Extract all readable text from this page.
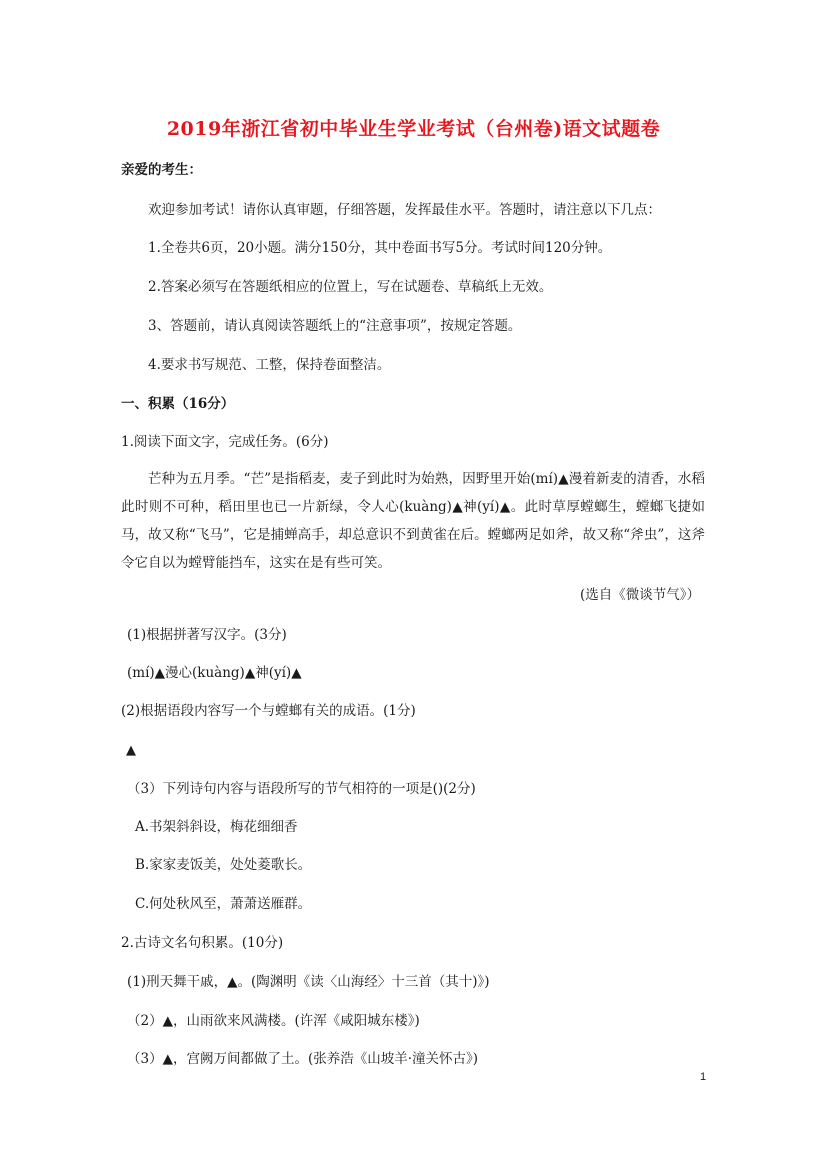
2019年浙江省初中毕业生学业考试（台州卷)语文试题卷
亲爱的考生：
欢迎参加考试！请你认真审题，仔细答题，发挥最佳水平。答题时，请注意以下几点：
1.全卷共6页，20小题。满分150分，其中卷面书写5分。考试时间120分钟。
2.答案必须写在答题纸相应的位置上，写在试题卷、草稿纸上无效。
3、答题前，请认真阅读答题纸上的“注意事项”，按规定答题。
4.要求书写规范、工整，保持卷面整洁。
一、积累（16分）
1.阅读下面文字，完成任务。(6分)
芒种为五月季。“芒”是指稻麦，麦子到此时为始熟，因野里开始(mí)▲漫着新麦的清香，水稻此时则不可种，稻田里也已一片新绿，令人心(kuàng)▲神(yí)▲。此时草厚螳螂生，螳螂飞捷如马，故又称“飞马”，它是捕蝉高手，却总意识不到黄雀在后。螳螂两足如斧，故又称“斧虫”，这斧令它自以为螳臂能挡车，这实在是有些可笑。
(选自《微谈节气》）
(1)根据拼著写汉字。(3分)
(mí)▲漫心(kuàng)▲神(yí)▲
(2)根据语段内容写一个与螳螂有关的成语。(1分)
▲
（3）下列诗句内容与语段所写的节气相符的一项是()(2分)
A.书架斜斜设，梅花细细香
B.家家麦饭美，处处菱歌长。
C.何处秋风至，萧萧送雁群。
2.古诗文名句积累。(10分)
(1)刑天舞干戚，▲。(陶渊明《读〈山海经〉十三首（其十)》)
（2）▲，山雨欲来风满楼。(许浑《咸阳城东楼》)
（3）▲，宫阙万间都做了土。(张养浩《山坡羊·潼关怀古》)
1
